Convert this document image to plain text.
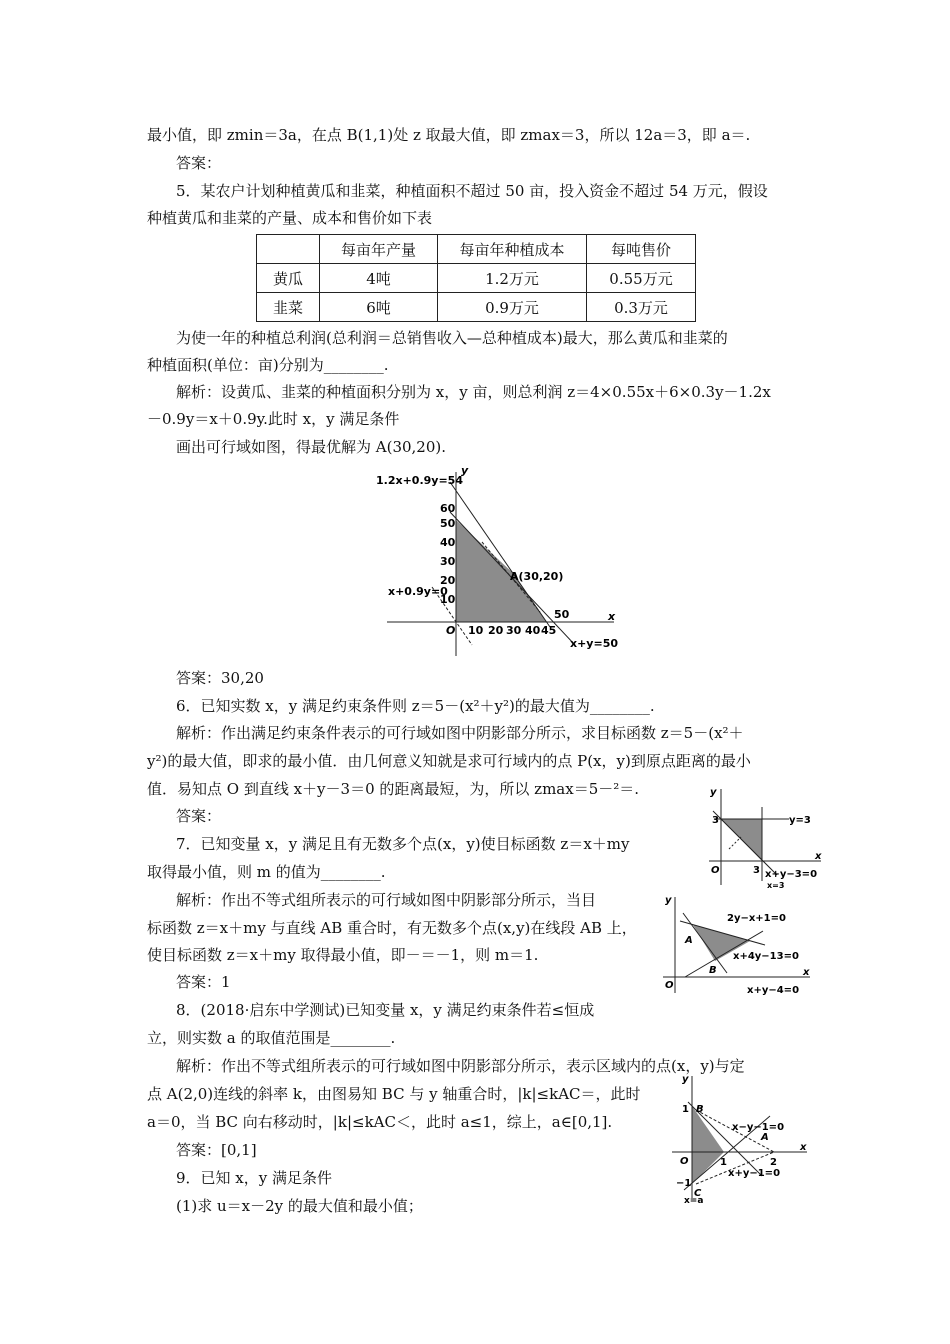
最小值，即 zmin＝3a，在点 B(1,1)处 z 取最大值，即 zmax＝3，所以 12a＝3，即 a＝.
答案：
5．某农户计划种植黄瓜和韭菜，种植面积不超过 50 亩，投入资金不超过 54 万元，假设
种植黄瓜和韭菜的产量、成本和售价如下表
	每亩年产量	每亩年种植成本	每吨售价
黄瓜	4吨	1.2万元	0.55万元
韭菜	6吨	0.9万元	0.3万元
为使一年的种植总利润(总利润＝总销售收入—总种植成本)最大，那么黄瓜和韭菜的
种植面积(单位：亩)分别为________.
解析：设黄瓜、韭菜的种植面积分别为 x，y 亩，则总利润 z＝4×0.55x＋6×0.3y－1.2x
－0.9y＝x＋0.9y.此时 x，y 满足条件
画出可行域如图，得最优解为 A(30,20).
1.2x+0.9y=54
x+0.9y=0
x+y=50
A(30,20)
50
60
50
40
30
20
10
O 10 20 30 40 45
x
y
答案：30,20
6．已知实数 x，y 满足约束条件则 z＝5－(x²＋y²)的最大值为________.
解析：作出满足约束条件表示的可行域如图中阴影部分所示，求目标函数 z＝5－(x²＋
y²)的最大值，即求的最小值．由几何意义知就是求可行域内的点 P(x，y)到原点距离的最小
值．易知点 O 到直线 x＋y－3＝0 的距离最短，为，所以 zmax＝5－²＝.
答案：	y=3
x+y−3=0
x=3
3
3
O
x
y
7．已知变量 x，y 满足且有无数多个点(x，y)使目标函数 z＝x＋my
取得最小值，则 m 的值为________.
解析：作出不等式组所表示的可行域如图中阴影部分所示，当目
标函数 z＝x＋my 与直线 AB 重合时，有无数多个点(x,y)在线段 AB 上，
使目标函数 z＝x＋my 取得最小值，即－＝－1，则 m＝1.
答案：1
2y−x+1=0
x+4y−13=0
x+y−4=0
A
B
O
x
y
8．(2018·启东中学测试)已知变量 x，y 满足约束条件若≤恒成
立，则实数 a 的取值范围是________.
解析：作出不等式组所表示的可行域如图中阴影部分所示，表示区域内的点(x，y)与定
点 A(2,0)连线的斜率 k，由图易知 BC 与 y 轴重合时，|k|≤kAC＝，此时
a＝0，当 BC 向右移动时，|k|≤kAC＜，此时 a≤1，综上，a∈[0,1].
答案：[0,1]
9．已知 x，y 满足条件
(1)求 u＝x－2y 的最大值和最小值；
y
B
A
C
x−y−1=0
x+y−1=0
x=a
1
1	2
−1
O
x
